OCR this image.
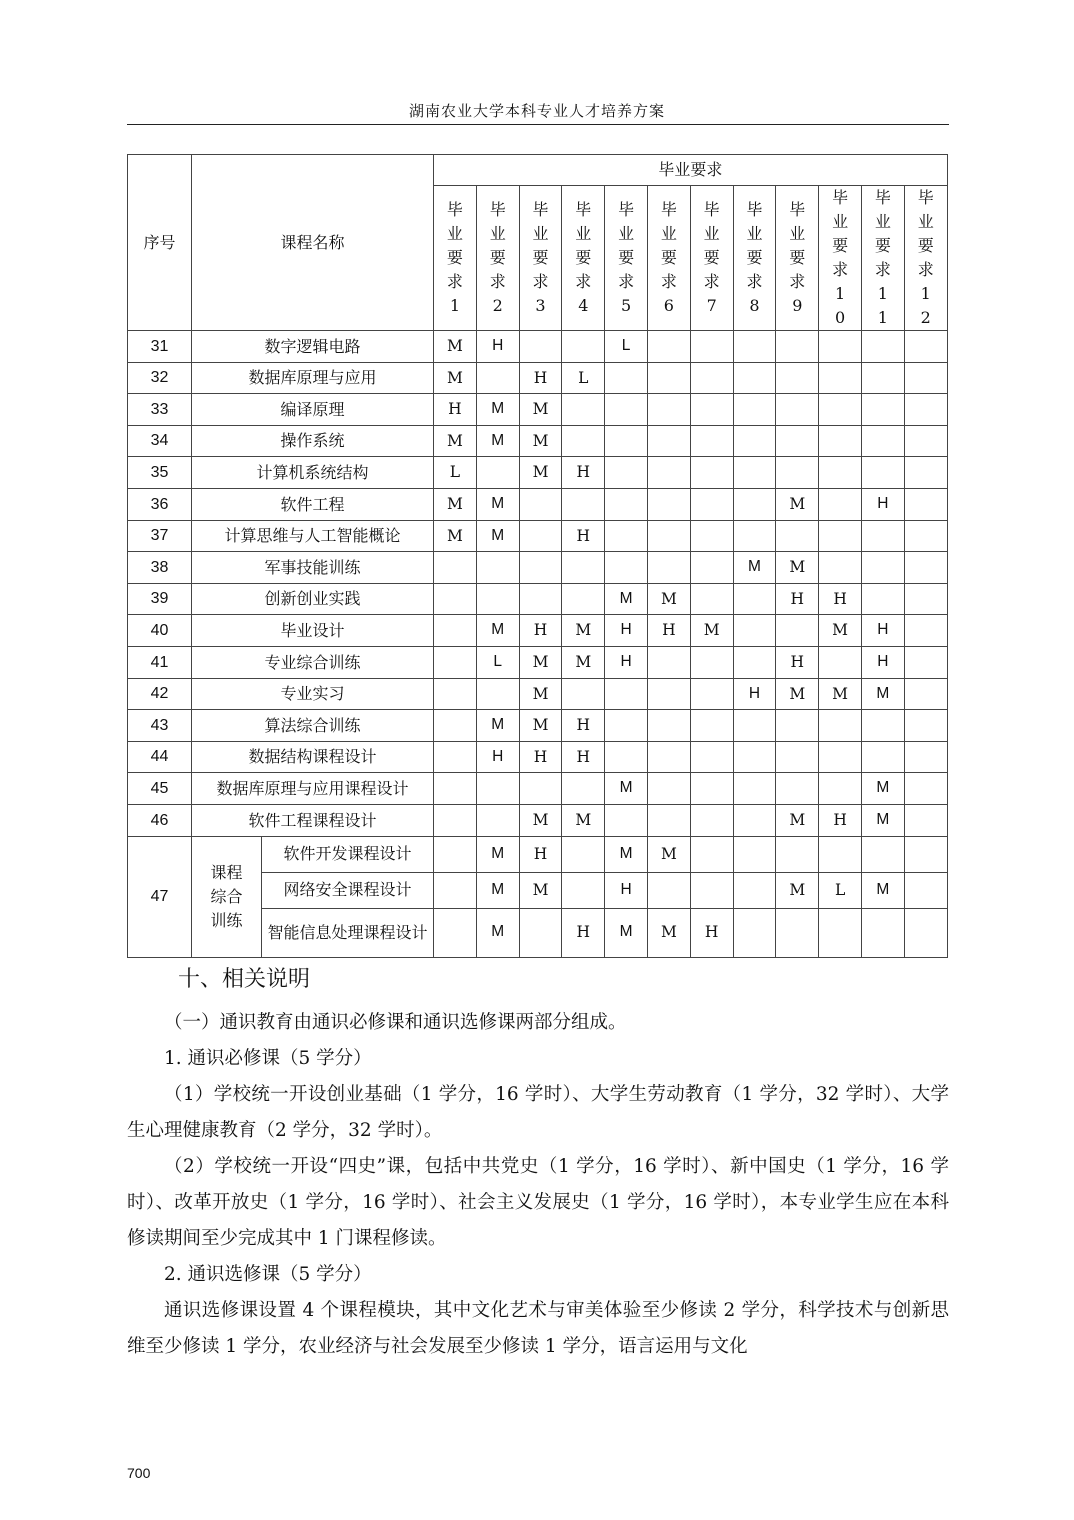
湖南农业大学本科专业人才培养方案
序号	课程名称		毕业要求											
			毕业要求1	毕业要求2	毕业要求3	毕业要求4	毕业要求5	毕业要求6	毕业要求7	毕业要求8	毕业要求9	毕业要求10	毕业要求11	毕业要求12
31	数字逻辑电路		M	H			L							
32	数据库原理与应用		M		H	L								
33	编译原理		H	M	M									
34	操作系统		M	M	M									
35	计算机系统结构		L		M	H								
36	软件工程		M	M							M		H	
37	计算思维与人工智能概论		M	M		H								
38	军事技能训练									M	M			
39	创新创业实践						M	M			H	H		
40	毕业设计			M	H	M	H	H	M			M	H	
41	专业综合训练			L	M	M	H				H		H	
42	专业实习				M					H	M	M	M	
43	算法综合训练			M	M	H								
44	数据结构课程设计			H	H	H								
45	数据库原理与应用课程设计						M						M	
46	软件工程课程设计				M	M					M	H	M	
47	课程综合训练	软件开发课程设计		M	H		M	M						
		网络安全课程设计		M	M		H				M	L	M	
		智能信息处理课程设计		M		H	M	M	H					
十、相关说明
（一）通识教育由通识必修课和通识选修课两部分组成。
1. 通识必修课（5 学分）
（1）学校统一开设创业基础（1 学分，16 学时）、大学生劳动教育（1 学分，32 学时）、大学生心理健康教育（2 学分，32 学时）。
（2）学校统一开设“四史”课，包括中共党史（1 学分，16 学时）、新中国史（1 学分，16 学时）、改革开放史（1 学分，16 学时）、社会主义发展史（1 学分，16 学时），本专业学生应在本科修读期间至少完成其中 1 门课程修读。
2. 通识选修课（5 学分）
通识选修课设置 4 个课程模块，其中文化艺术与审美体验至少修读 2 学分，科学技术与创新思维至少修读 1 学分，农业经济与社会发展至少修读 1 学分，语言运用与文化
700
